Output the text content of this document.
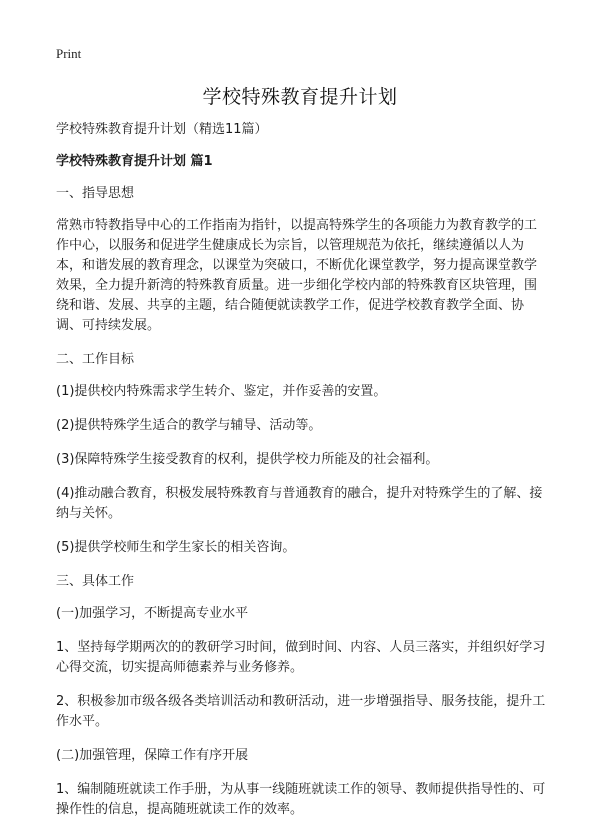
Print
学校特殊教育提升计划

学校特殊教育提升计划（精选11篇）

学校特殊教育提升计划 篇1

一、指导思想

常熟市特教指导中心的工作指南为指针，以提高特殊学生的各项能力为教育教学的工作中心，以服务和促进学生健康成长为宗旨，以管理规范为依托，继续遵循以人为本，和谐发展的教育理念，以课堂为突破口，不断优化课堂教学，努力提高课堂教学效果，全力提升新湾的特殊教育质量。进一步细化学校内部的特殊教育区块管理，围绕和谐、发展、共享的主题，结合随便就读教学工作，促进学校教育教学全面、协调、可持续发展。

二、工作目标

(1)提供校内特殊需求学生转介、鉴定，并作妥善的安置。

(2)提供特殊学生适合的教学与辅导、活动等。

(3)保障特殊学生接受教育的权利，提供学校力所能及的社会福利。

(4)推动融合教育，积极发展特殊教育与普通教育的融合，提升对特殊学生的了解、接纳与关怀。

(5)提供学校师生和学生家长的相关咨询。

三、具体工作

(一)加强学习，不断提高专业水平

1、坚持每学期两次的的教研学习时间，做到时间、内容、人员三落实，并组织好学习心得交流，切实提高师德素养与业务修养。

2、积极参加市级各级各类培训活动和教研活动，进一步增强指导、服务技能，提升工作水平。

(二)加强管理，保障工作有序开展

1、编制随班就读工作手册，为从事一线随班就读工作的领导、教师提供指导性的、可操作性的信息，提高随班就读工作的效率。
